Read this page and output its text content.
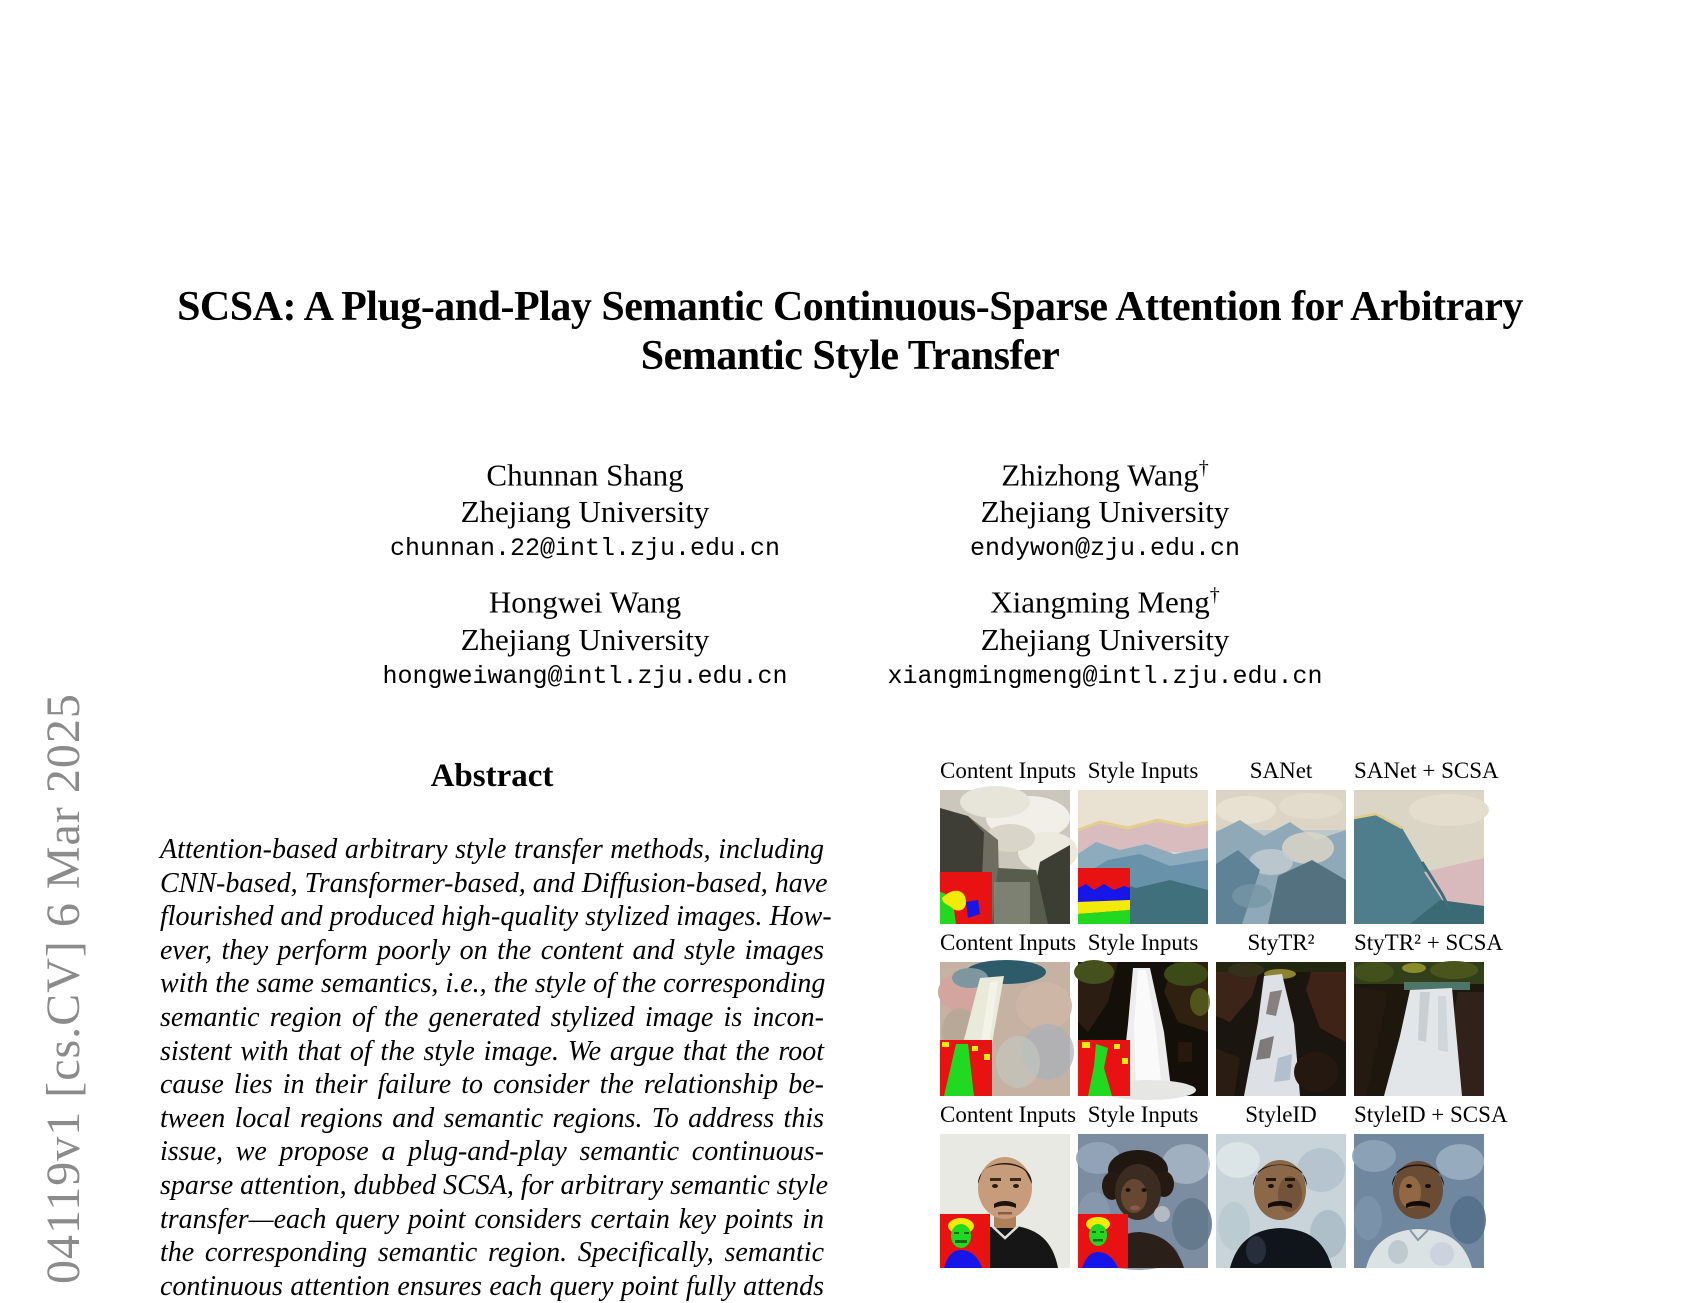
04119v1 [cs.CV] 6 Mar 2025
SCSA: A Plug-and-Play Semantic Continuous-Sparse Attention for Arbitrary
Semantic Style Transfer
Chunnan Shang
Zhejiang University
chunnan.22@intl.zju.edu.cn
Zhizhong Wang†
Zhejiang University
endywon@zju.edu.cn
Hongwei Wang
Zhejiang University
hongweiwang@intl.zju.edu.cn
Xiangming Meng†
Zhejiang University
xiangmingmeng@intl.zju.edu.cn
Abstract
Attention-based arbitrary style transfer methods, including
CNN-based, Transformer-based, and Diffusion-based, have
flourished and produced high-quality stylized images. How-
ever, they perform poorly on the content and style images
with the same semantics, i.e., the style of the corresponding
semantic region of the generated stylized image is incon-
sistent with that of the style image. We argue that the root
cause lies in their failure to consider the relationship be-
tween local regions and semantic regions. To address this
issue, we propose a plug-and-play semantic continuous-
sparse attention, dubbed SCSA, for arbitrary semantic style
transfer—each query point considers certain key points in
the corresponding semantic region. Specifically, semantic
continuous attention ensures each query point fully attends
Content Inputs Style Inputs	SANet	SANet + SCSA
Content Inputs Style Inputs	StyTR²	StyTR² + SCSA
Content Inputs Style Inputs	StyleID	StyleID + SCSA
